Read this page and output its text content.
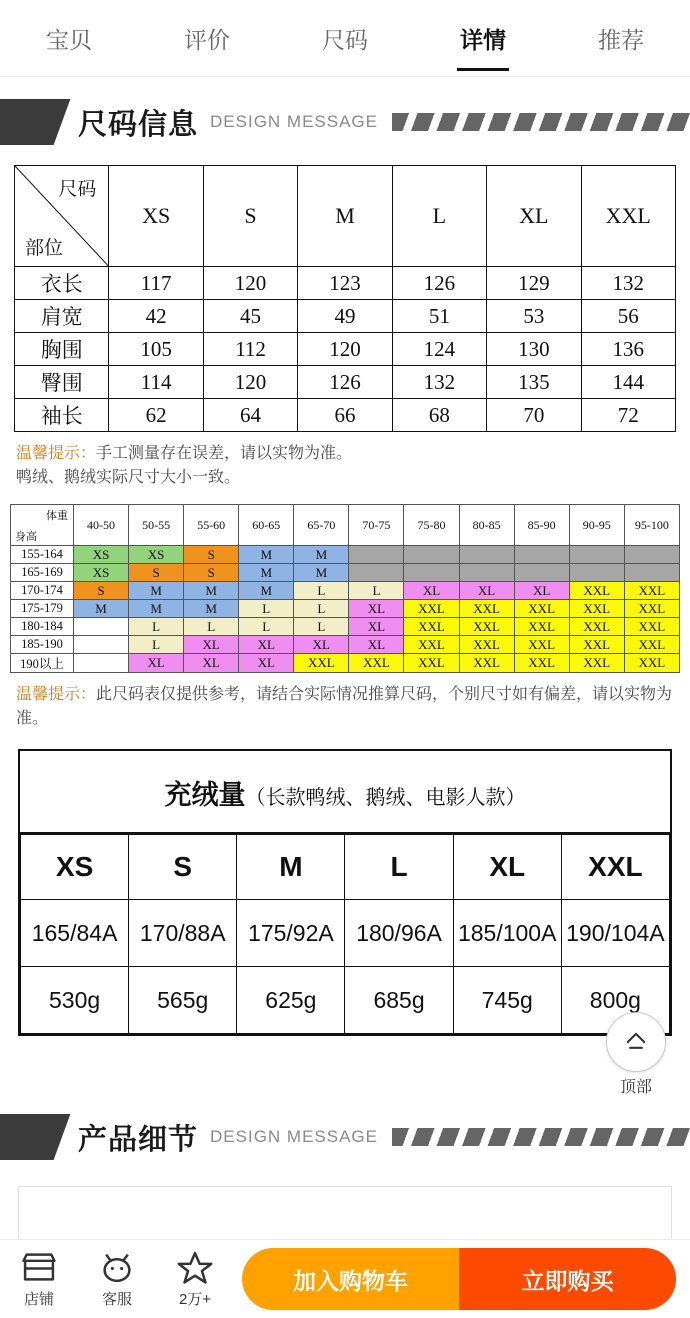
宝贝	评价	尺码	详情	推荐
尺码信息 DESIGN MESSAGE
尺码
部位	XS	S	M	L	XL	XXL
衣长	117	120	123	126	129	132
肩宽	42	45	49	51	53	56
胸围	105	112	120	124	130	136
臀围	114	120	126	132	135	144
袖长	62	64	66	68	70	72
温馨提示：手工测量存在误差，请以实物为准。
鸭绒、鹅绒实际尺寸大小一致。
体重
身高	40-50	50-55	55-60	60-65	65-70	70-75	75-80	80-85	85-90	90-95	95-100
155-164	XS	XS	S	M	M						
165-169	XS	S	S	M	M						
170-174	S	M	M	M	L	L	XL	XL	XL	XXL	XXL
175-179	M	M	M	L	L	XL	XXL	XXL	XXL	XXL	XXL
180-184		L	L	L	L	XL	XXL	XXL	XXL	XXL	XXL
185-190		L	XL	XL	XL	XL	XXL	XXL	XXL	XXL	XXL
190以上		XL	XL	XL	XXL	XXL	XXL	XXL	XXL	XXL	XXL
温馨提示：此尺码表仅提供参考，请结合实际情况推算尺码，个别尺寸如有偏差，请以实物为准。
充绒量（长款鸭绒、鹅绒、电影人款）
XS	S	M	L	XL	XXL
165/84A	170/88A	175/92A	180/96A	185/100A	190/104A
530g	565g	625g	685g	745g	800g
顶部
产品细节 DESIGN MESSAGE
店铺	客服	2万+
加入购物车	立即购买
